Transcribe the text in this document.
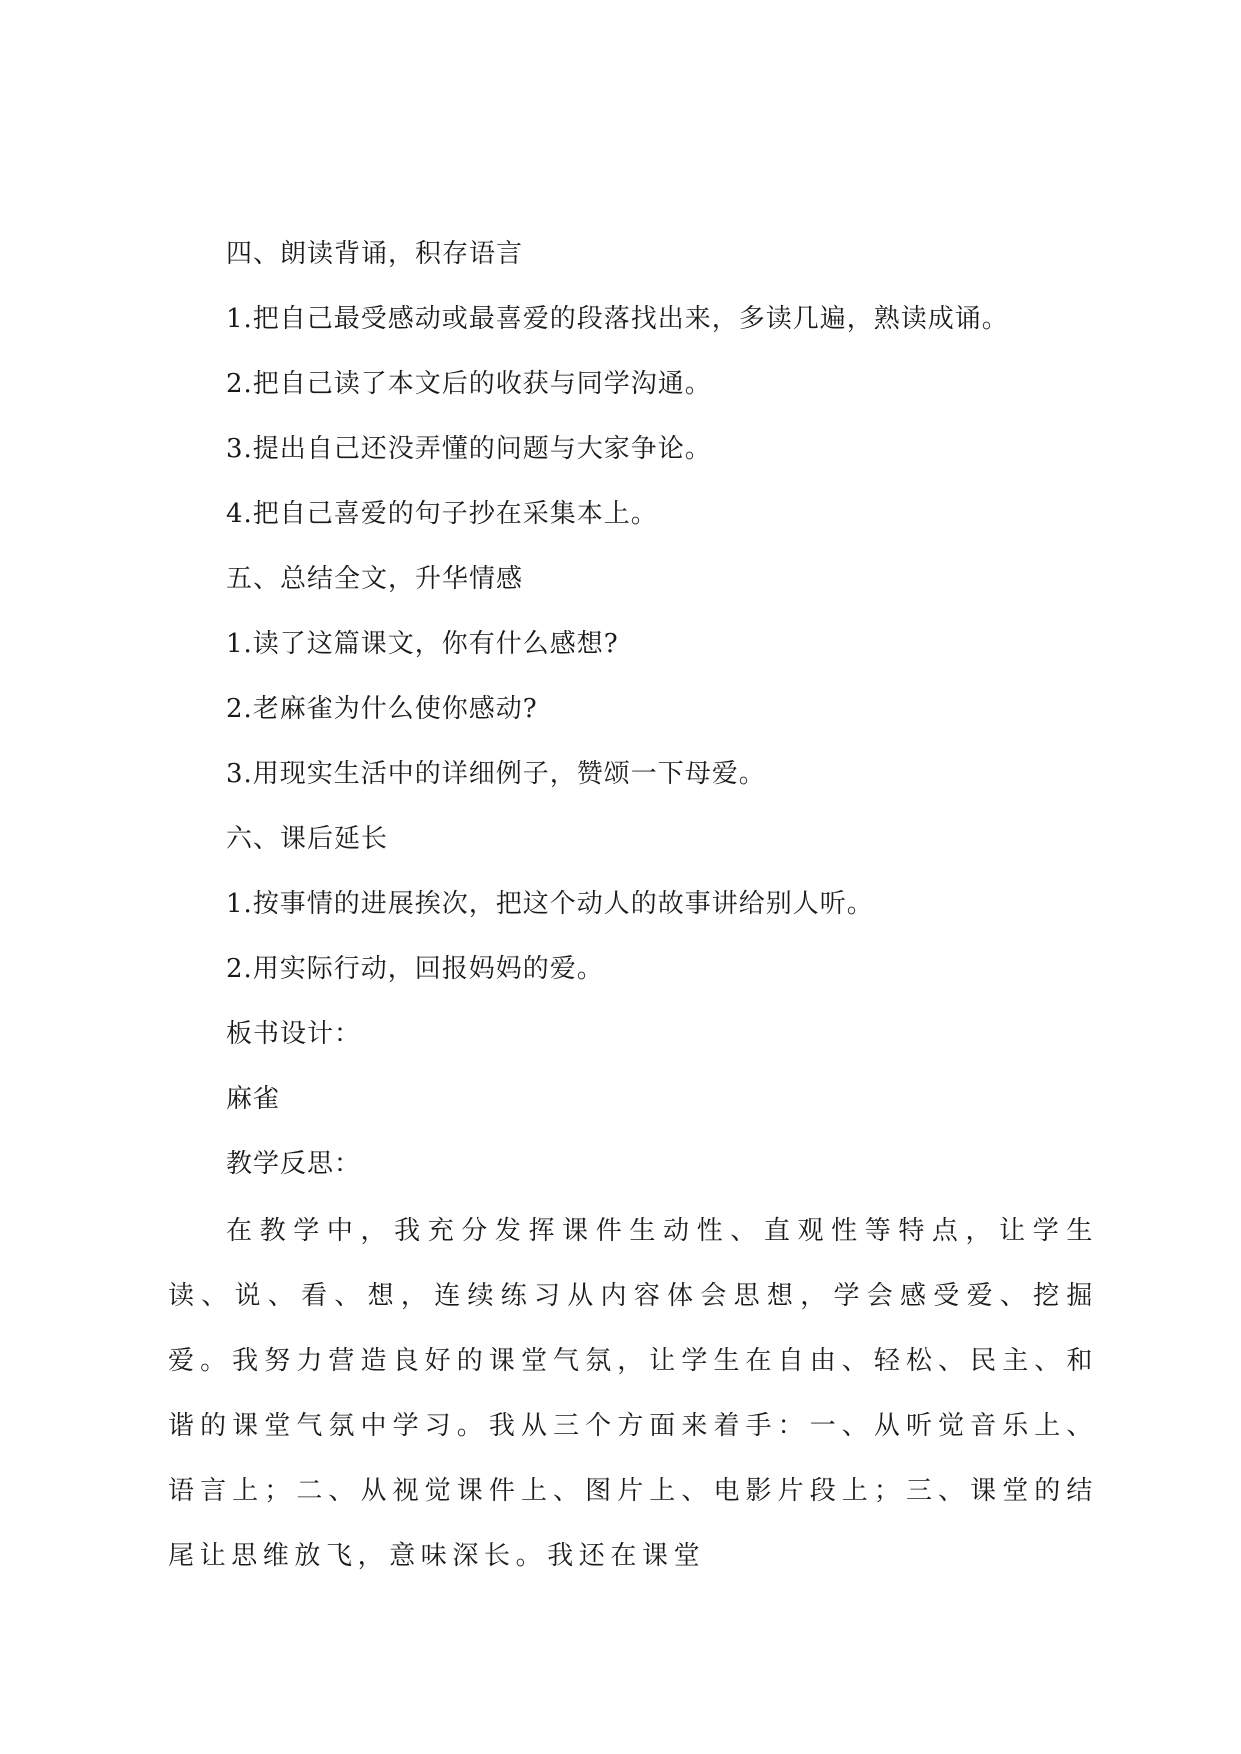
四、朗读背诵，积存语言
1.把自己最受感动或最喜爱的段落找出来，多读几遍，熟读成诵。
2.把自己读了本文后的收获与同学沟通。
3.提出自己还没弄懂的问题与大家争论。
4.把自己喜爱的句子抄在采集本上。
五、总结全文，升华情感
1.读了这篇课文，你有什么感想?
2.老麻雀为什么使你感动?
3.用现实生活中的详细例子，赞颂一下母爱。
六、课后延长
1.按事情的进展挨次，把这个动人的故事讲给别人听。
2.用实际行动，回报妈妈的爱。
板书设计：
麻雀
教学反思：
在教学中，我充分发挥课件生动性、直观性等特点，让学生读、说、看、想，连续练习从内容体会思想，学会感受爱、挖掘爱。我努力营造良好的课堂气氛，让学生在自由、轻松、民主、和谐的课堂气氛中学习。我从三个方面来着手：一、从听觉音乐上、语言上；二、从视觉课件上、图片上、电影片段上；三、课堂的结尾让思维放飞，意味深长。我还在课堂
